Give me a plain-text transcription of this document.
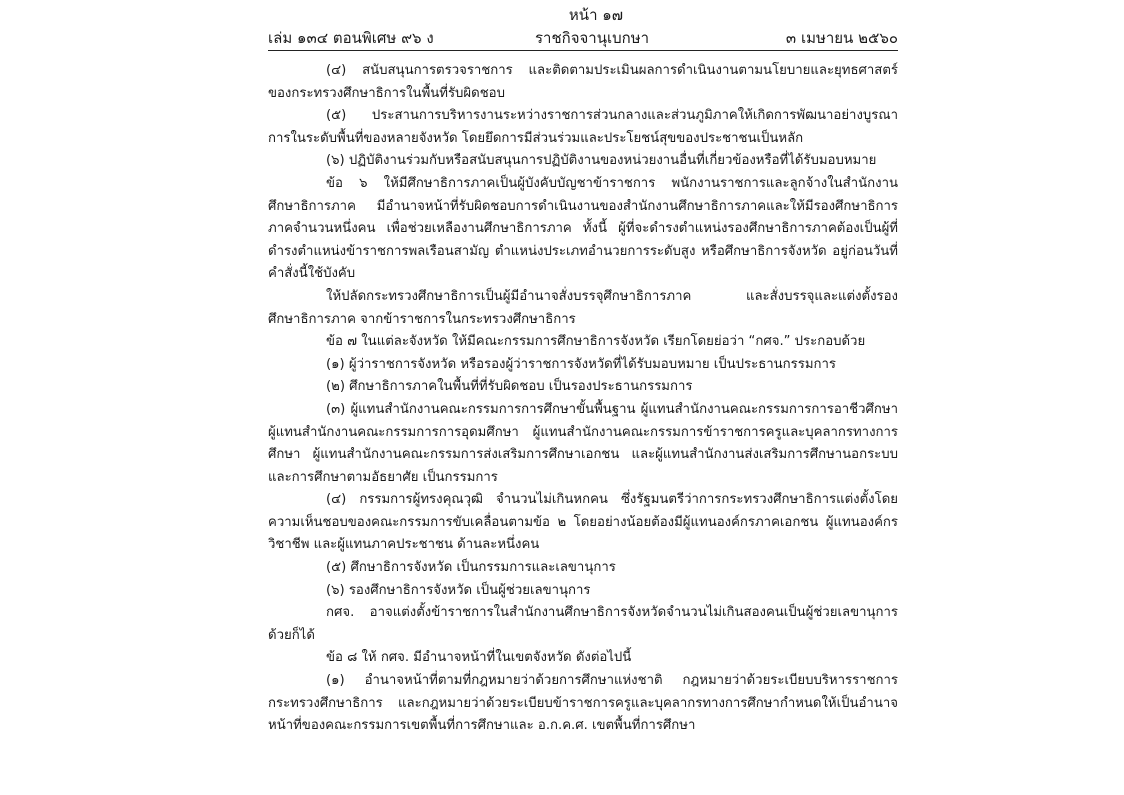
หน้า ๑๗
เล่ม ๑๓๔ ตอนพิเศษ ๙๖ ง	ราชกิจจานุเบกษา	๓ เมษายน ๒๕๖๐

(๔) สนับสนุนการตรวจราชการ และติดตามประเมินผลการดำเนินงานตามนโยบายและยุทธศาสตร์ของกระทรวงศึกษาธิการในพื้นที่รับผิดชอบ

(๕) ประสานการบริหารงานระหว่างราชการส่วนกลางและส่วนภูมิภาคให้เกิดการพัฒนาอย่างบูรณาการในระดับพื้นที่ของหลายจังหวัด โดยยึดการมีส่วนร่วมและประโยชน์สุขของประชาชนเป็นหลัก

(๖) ปฏิบัติงานร่วมกับหรือสนับสนุนการปฏิบัติงานของหน่วยงานอื่นที่เกี่ยวข้องหรือที่ได้รับมอบหมาย

ข้อ ๖ ให้มีศึกษาธิการภาคเป็นผู้บังคับบัญชาข้าราชการ พนักงานราชการและลูกจ้างในสำนักงานศึกษาธิการภาค มีอำนาจหน้าที่รับผิดชอบการดำเนินงานของสำนักงานศึกษาธิการภาคและให้มีรองศึกษาธิการภาคจำนวนหนึ่งคน เพื่อช่วยเหลืองานศึกษาธิการภาค ทั้งนี้ ผู้ที่จะดำรงตำแหน่งรองศึกษาธิการภาคต้องเป็นผู้ที่ดำรงตำแหน่งข้าราชการพลเรือนสามัญ ตำแหน่งประเภทอำนวยการระดับสูง หรือศึกษาธิการจังหวัด อยู่ก่อนวันที่คำสั่งนี้ใช้บังคับ

ให้ปลัดกระทรวงศึกษาธิการเป็นผู้มีอำนาจสั่งบรรจุศึกษาธิการภาค และสั่งบรรจุและแต่งตั้งรองศึกษาธิการภาค จากข้าราชการในกระทรวงศึกษาธิการ

ข้อ ๗ ในแต่ละจังหวัด ให้มีคณะกรรมการศึกษาธิการจังหวัด เรียกโดยย่อว่า “กศจ.” ประกอบด้วย

(๑) ผู้ว่าราชการจังหวัด หรือรองผู้ว่าราชการจังหวัดที่ได้รับมอบหมาย เป็นประธานกรรมการ

(๒) ศึกษาธิการภาคในพื้นที่ที่รับผิดชอบ เป็นรองประธานกรรมการ

(๓) ผู้แทนสำนักงานคณะกรรมการการศึกษาขั้นพื้นฐาน ผู้แทนสำนักงานคณะกรรมการการอาชีวศึกษา ผู้แทนสำนักงานคณะกรรมการการอุดมศึกษา ผู้แทนสำนักงานคณะกรรมการข้าราชการครูและบุคลากรทางการศึกษา ผู้แทนสำนักงานคณะกรรมการส่งเสริมการศึกษาเอกชน และผู้แทนสำนักงานส่งเสริมการศึกษานอกระบบและการศึกษาตามอัธยาศัย เป็นกรรมการ

(๔) กรรมการผู้ทรงคุณวุฒิ จำนวนไม่เกินหกคน ซึ่งรัฐมนตรีว่าการกระทรวงศึกษาธิการแต่งตั้งโดยความเห็นชอบของคณะกรรมการขับเคลื่อนตามข้อ ๒ โดยอย่างน้อยต้องมีผู้แทนองค์กรภาคเอกชน ผู้แทนองค์กรวิชาชีพ และผู้แทนภาคประชาชน ด้านละหนึ่งคน

(๕) ศึกษาธิการจังหวัด เป็นกรรมการและเลขานุการ

(๖) รองศึกษาธิการจังหวัด เป็นผู้ช่วยเลขานุการ

กศจ. อาจแต่งตั้งข้าราชการในสำนักงานศึกษาธิการจังหวัดจำนวนไม่เกินสองคนเป็นผู้ช่วยเลขานุการด้วยก็ได้

ข้อ ๘ ให้ กศจ. มีอำนาจหน้าที่ในเขตจังหวัด ดังต่อไปนี้

(๑) อำนาจหน้าที่ตามที่กฎหมายว่าด้วยการศึกษาแห่งชาติ กฎหมายว่าด้วยระเบียบบริหารราชการกระทรวงศึกษาธิการ และกฎหมายว่าด้วยระเบียบข้าราชการครูและบุคลากรทางการศึกษากำหนดให้เป็นอำนาจหน้าที่ของคณะกรรมการเขตพื้นที่การศึกษาและ อ.ก.ค.ศ. เขตพื้นที่การศึกษา
